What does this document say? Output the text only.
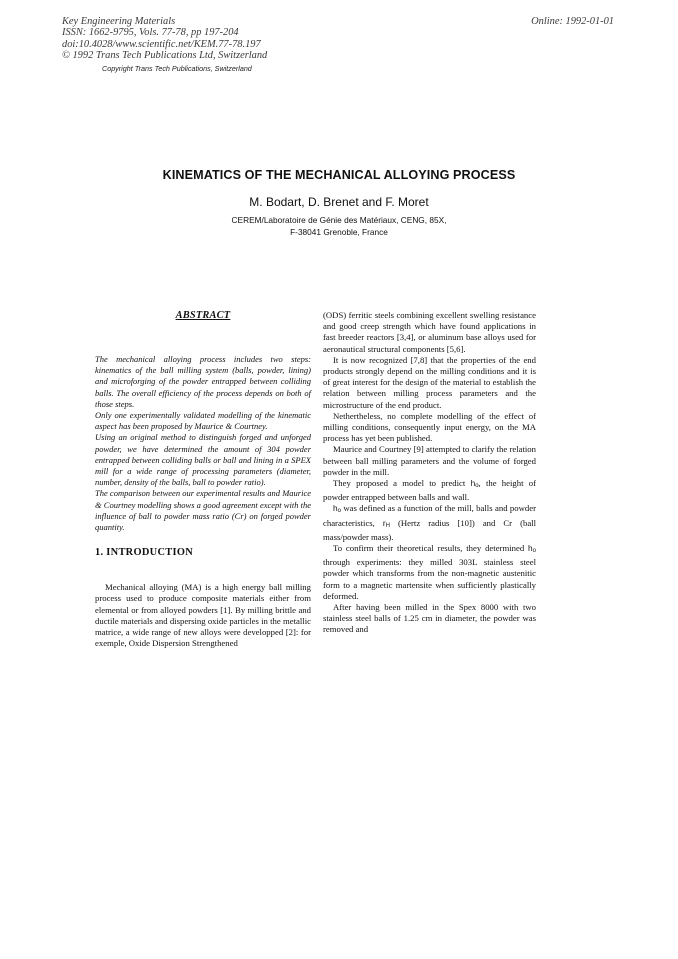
Key Engineering Materials
ISSN: 1662-9795, Vols. 77-78, pp 197-204
doi:10.4028/www.scientific.net/KEM.77-78.197
© 1992 Trans Tech Publications Ltd, Switzerland
Copyright Trans Tech Publications, Switzerland
Online: 1992-01-01
KINEMATICS OF THE MECHANICAL ALLOYING PROCESS
M. Bodart, D. Brenet and F. Moret
CEREM/Laboratoire de Génie des Matériaux, CENG, 85X,
F-38041 Grenoble, France
ABSTRACT

The mechanical alloying process includes two steps: kinematics of the ball milling system (balls, powder, lining) and microforging of the powder entrapped between colliding balls. The overall efficiency of the process depends on both of those steps.

Only one experimentally validated modelling of the kinematic aspect has been proposed by Maurice & Courtney.

Using an original method to distinguish forged and unforged powder, we have determined the amount of 304 powder entrapped between colliding balls or ball and lining in a SPEX mill for a wide range of processing parameters (diameter, number, density of the balls, ball to powder ratio).

The comparison between our experimental results and Maurice & Courtney modelling shows a good agreement except with the influence of ball to powder mass ratio (Cr) on forged powder quantity.

1. INTRODUCTION

Mechanical alloying (MA) is a high energy ball milling process used to produce composite materials either from elemental or from alloyed powders [1]. By milling brittle and ductile materials and dispersing oxide particles in the metallic matrice, a wide range of new alloys were developped [2]: for exemple, Oxide Dispersion Strengthened

(ODS) ferritic steels combining excellent swelling resistance and good creep strength which have found applications in fast breeder reactors [3,4], or aluminum base alloys used for aeronautical structural components [5,6].

It is now recognized [7,8] that the properties of the end products strongly depend on the milling conditions and it is of great interest for the design of the material to establish the relation between milling process parameters and the microstructure of the end product.

Nethertheless, no complete modelling of the effect of milling conditions, consequently input energy, on the MA process has yet been published.

Maurice and Courtney [9] attempted to clarify the relation between ball milling parameters and the volume of forged powder in the mill.

They proposed a model to predict $h_o$, the height of powder entrapped between balls and wall.

$h_o$ was defined as a function of the mill, balls and powder characteristics, $r_H$ (Hertz radius [10]) and Cr (ball mass/powder mass).

To confirm their theoretical results, they determined $h_o$ through experiments: they milled 303L stainless steel powder which transforms from the non-magnetic austenitic form to a magnetic martensite when sufficiently plastically deformed.

After having been milled in the Spex 8000 with two stainless steel balls of 1.25 cm in diameter, the powder was removed and
